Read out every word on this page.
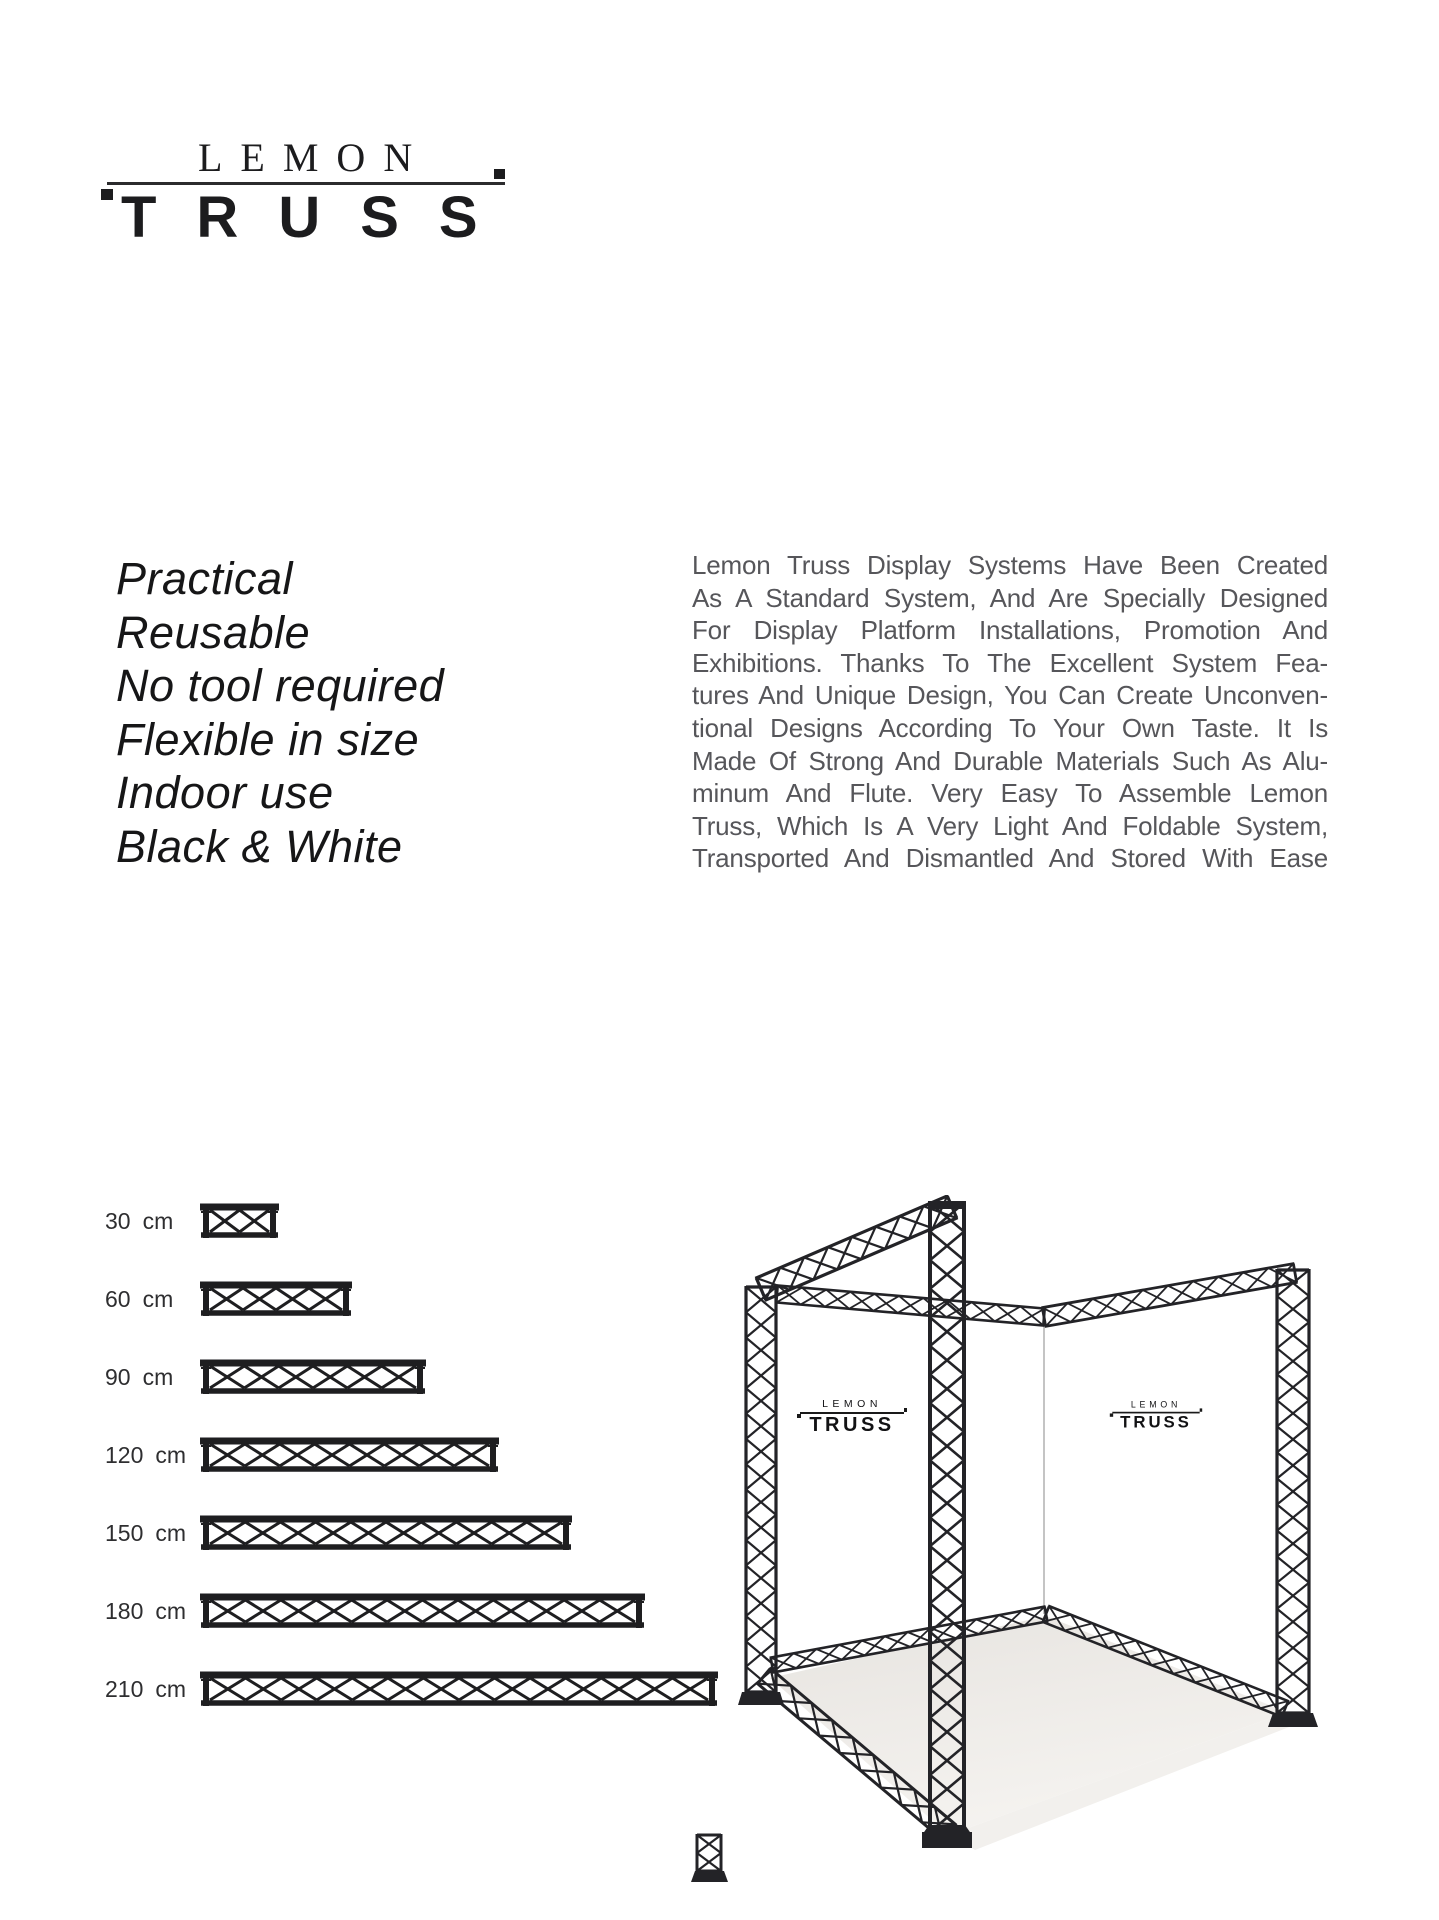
LEMON
TRUSS
Practical
Reusable
No tool required
Flexible in size
Indoor use
Black & White
Lemon Truss Display Systems Have Been Created
As A Standard System, And Are Specially Designed
For Display Platform Installations, Promotion And
Exhibitions. Thanks To The Excellent System Fea-
tures And Unique Design, You Can Create Unconven-
tional Designs According To Your Own Taste. It Is
Made Of Strong And Durable Materials Such As Alu-
minum And Flute. Very Easy To Assemble Lemon
Truss, Which Is A Very Light And Foldable System,
Transported And Dismantled And Stored With Ease
30 cm
60 cm
90 cm
120 cm
150 cm
180 cm
210 cm
LEMON
TRUSS
LEMON
TRUSS
